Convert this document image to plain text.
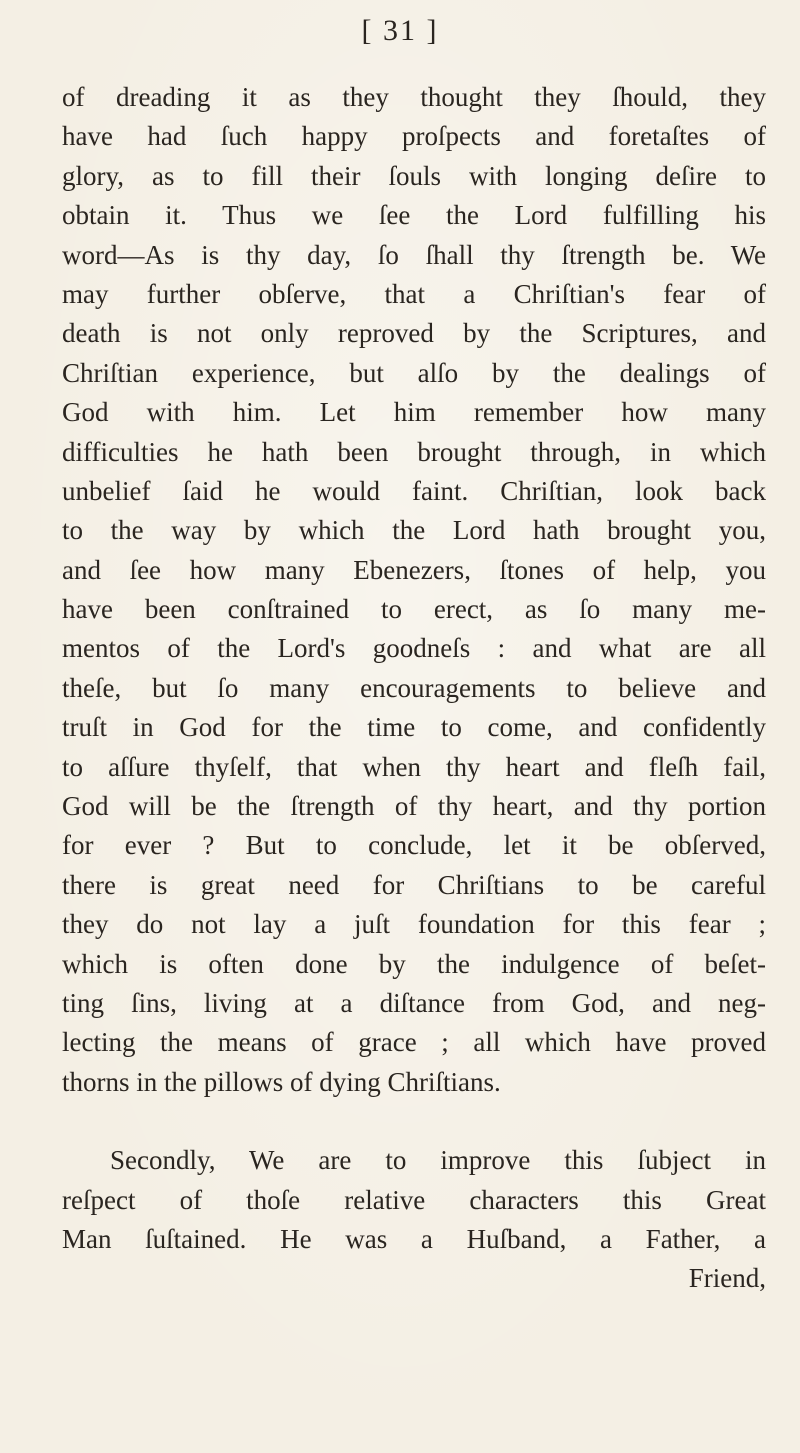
[ 31 ]
of dreading it as they thought they ſhould, they
have had ſuch happy proſpects and foretaſtes of
glory, as to fill their ſouls with longing deſire to
obtain it. Thus we ſee the Lord fulfilling his
word—As is thy day, ſo ſhall thy ſtrength be. We
may further obſerve, that a Chriſtian's fear of
death is not only reproved by the Scriptures, and
Chriſtian experience, but alſo by the dealings of
God with him. Let him remember how many
difficulties he hath been brought through, in which
unbelief ſaid he would faint. Chriſtian, look back
to the way by which the Lord hath brought you,
and ſee how many Ebenezers, ſtones of help, you
have been conſtrained to erect, as ſo many me-
mentos of the Lord's goodneſs : and what are all
theſe, but ſo many encouragements to believe and
truſt in God for the time to come, and confidently
to aſſure thyſelf, that when thy heart and fleſh fail,
God will be the ſtrength of thy heart, and thy portion
for ever ? But to conclude, let it be obſerved,
there is great need for Chriſtians to be careful
they do not lay a juſt foundation for this fear ;
which is often done by the indulgence of beſet-
ting ſins, living at a diſtance from God, and neg-
lecting the means of grace ; all which have proved
thorns in the pillows of dying Chriſtians.
Secondly, We are to improve this ſubject in
reſpect of thoſe relative characters this Great
Man ſuſtained. He was a Huſband, a Father, a
Friend,
